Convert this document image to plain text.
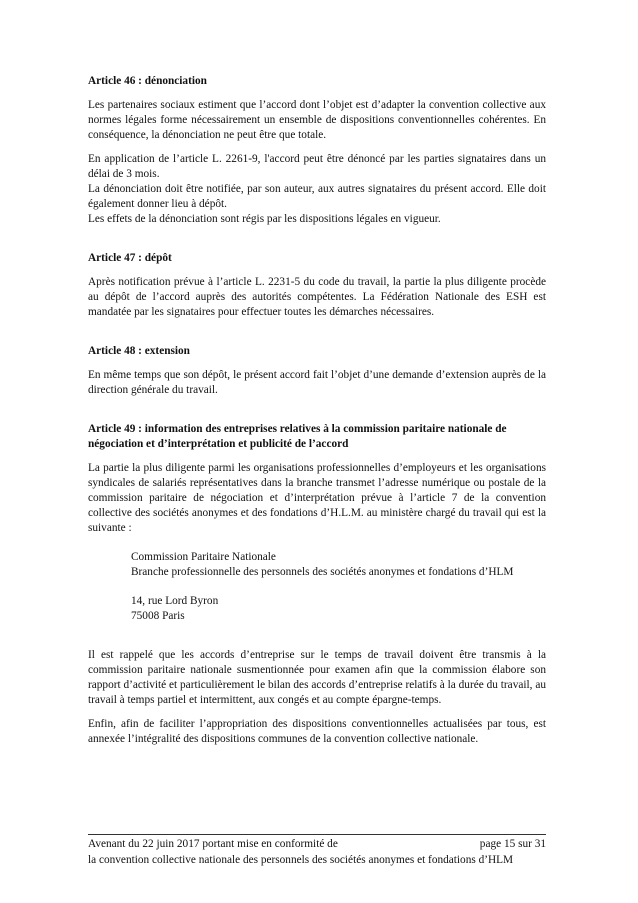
Article 46 : dénonciation

Les partenaires sociaux estiment que l’accord dont l’objet est d’adapter la convention collective aux normes légales forme nécessairement un ensemble de dispositions conventionnelles cohérentes. En conséquence, la dénonciation ne peut être que totale.

En application de l’article L. 2261-9, l'accord peut être dénoncé par les parties signataires dans un délai de 3 mois.

La dénonciation doit être notifiée, par son auteur, aux autres signataires du présent accord. Elle doit également donner lieu à dépôt.

Les effets de la dénonciation sont régis par les dispositions légales en vigueur.

Article 47 : dépôt

Après notification prévue à l’article L. 2231-5 du code du travail, la partie la plus diligente procède au dépôt de l’accord auprès des autorités compétentes. La Fédération Nationale des ESH est mandatée par les signataires pour effectuer toutes les démarches nécessaires.

Article 48 : extension

En même temps que son dépôt, le présent accord fait l’objet d’une demande d’extension auprès de la direction générale du travail.

Article 49 : information des entreprises relatives à la commission paritaire nationale de négociation et d’interprétation et publicité de l’accord

La partie la plus diligente parmi les organisations professionnelles d’employeurs et les organisations syndicales de salariés représentatives dans la branche transmet l’adresse numérique ou postale de la commission paritaire de négociation et d’interprétation prévue à l’article 7 de la convention collective des sociétés anonymes et des fondations d’H.L.M. au ministère chargé du travail qui est la suivante :

Commission Paritaire Nationale

Branche professionnelle des personnels des sociétés anonymes et fondations d’HLM

14, rue Lord Byron

75008 Paris

Il est rappelé que les accords d’entreprise sur le temps de travail doivent être transmis à la commission paritaire nationale susmentionnée pour examen afin que la commission élabore son rapport d’activité et particulièrement le bilan des accords d’entreprise relatifs à la durée du travail, au travail à temps partiel et intermittent, aux congés et au compte épargne-temps.

Enfin, afin de faciliter l’appropriation des dispositions conventionnelles actualisées par tous, est annexée l’intégralité des dispositions communes de la convention collective nationale.

Avenant du 22 juin 2017 portant mise en conformité de	page 15 sur 31
la convention collective nationale des personnels des sociétés anonymes et fondations d’HLM
